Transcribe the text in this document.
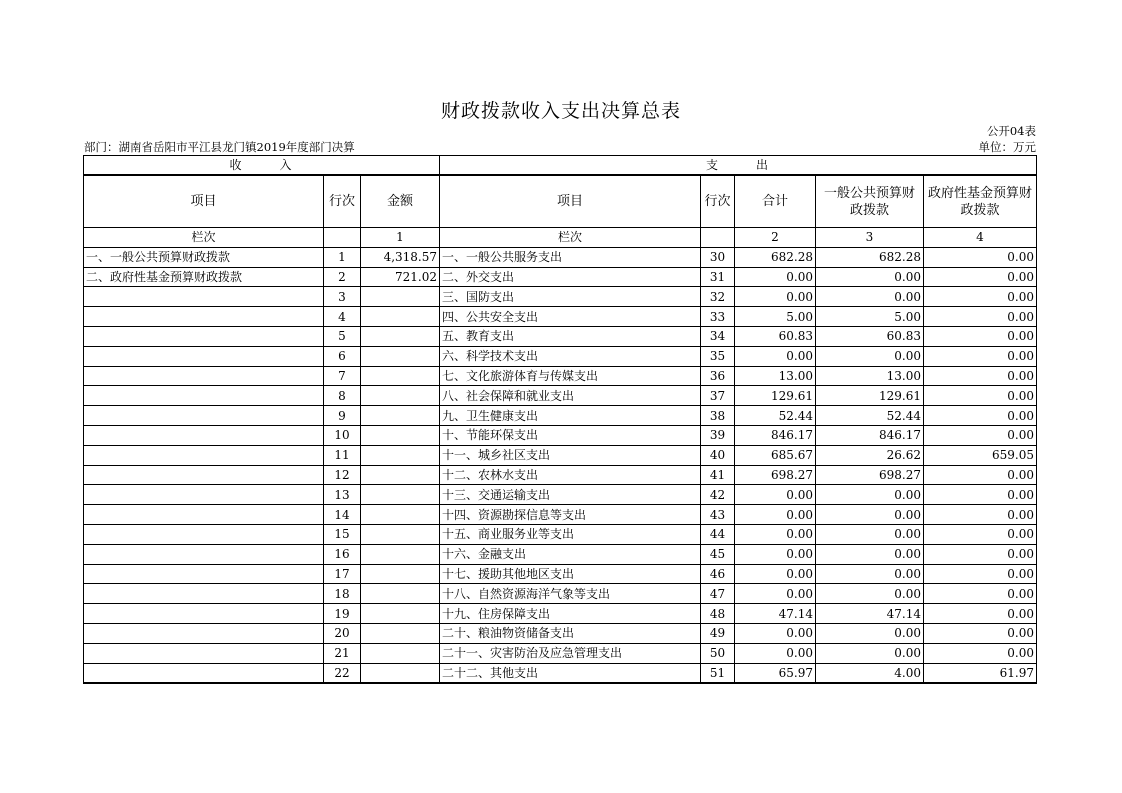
财政拨款收入支出决算总表
公开04表
部门：湖南省岳阳市平江县龙门镇2019年度部门决算	单位：万元
收入			支出				
项目	行次	金额	项目	行次	合计	一般公共预算财政拨款	政府性基金预算财政拨款
栏次		1	栏次		2	3	4
一、一般公共预算财政拨款	1	4,318.57	一、一般公共服务支出	30	682.28	682.28	0.00
二、政府性基金预算财政拨款	2	721.02	二、外交支出	31	0.00	0.00	0.00
	3		三、国防支出	32	0.00	0.00	0.00
	4		四、公共安全支出	33	5.00	5.00	0.00
	5		五、教育支出	34	60.83	60.83	0.00
	6		六、科学技术支出	35	0.00	0.00	0.00
	7		七、文化旅游体育与传媒支出	36	13.00	13.00	0.00
	8		八、社会保障和就业支出	37	129.61	129.61	0.00
	9		九、卫生健康支出	38	52.44	52.44	0.00
	10		十、节能环保支出	39	846.17	846.17	0.00
	11		十一、城乡社区支出	40	685.67	26.62	659.05
	12		十二、农林水支出	41	698.27	698.27	0.00
	13		十三、交通运输支出	42	0.00	0.00	0.00
	14		十四、资源勘探信息等支出	43	0.00	0.00	0.00
	15		十五、商业服务业等支出	44	0.00	0.00	0.00
	16		十六、金融支出	45	0.00	0.00	0.00
	17		十七、援助其他地区支出	46	0.00	0.00	0.00
	18		十八、自然资源海洋气象等支出	47	0.00	0.00	0.00
	19		十九、住房保障支出	48	47.14	47.14	0.00
	20		二十、粮油物资储备支出	49	0.00	0.00	0.00
	21		二十一、灾害防治及应急管理支出	50	0.00	0.00	0.00
	22		二十二、其他支出	51	65.97	4.00	61.97
